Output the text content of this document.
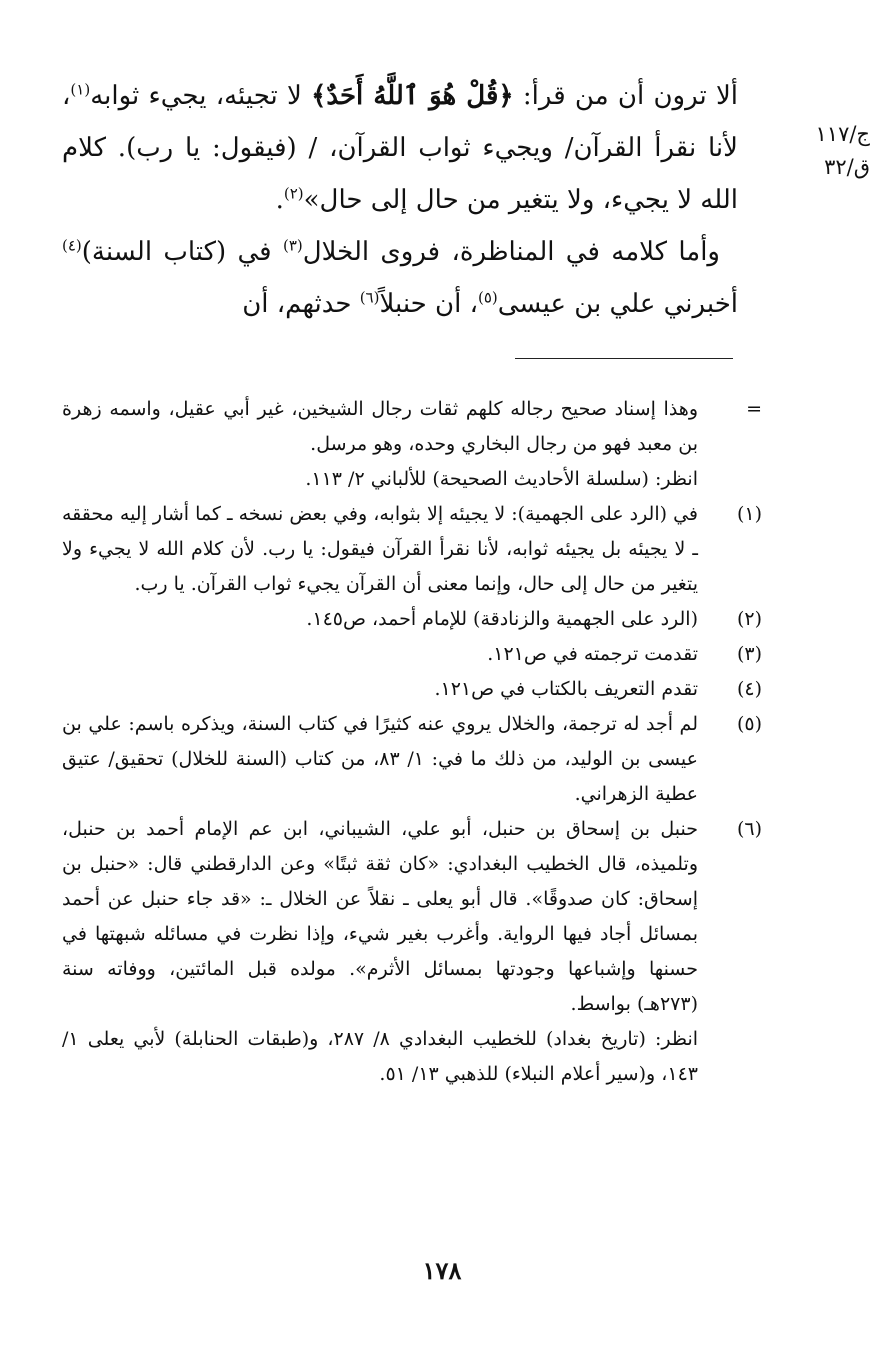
ج/١١٧
ق/٣٢

ألا ترون أن من قرأ: ﴿قُلْ هُوَ ٱللَّهُ أَحَدٌ﴾ لا تجيئه، يجيء ثوابه$^{(١)}$، لأنا نقرأ القرآن/ ويجيء ثواب القرآن، / (فيقول: يا رب). كلام الله لا يجيء، ولا يتغير من حال إلى حال»$^{(٢)}$.

وأما كلامه في المناظرة، فروى الخلال$^{(٣)}$ في (كتاب السنة)$^{(٤)}$ أخبرني علي بن عيسى$^{(٥)}$، أن حنبلاً$^{(٦)}$ حدثهم، أن

=
وهذا إسناد صحيح رجاله كلهم ثقات رجال الشيخين، غير أبي عقيل، واسمه زهرة بن معبد فهو من رجال البخاري وحده، وهو مرسل.
انظر: (سلسلة الأحاديث الصحيحة) للألباني ٢/ ١١٣.
(١)
في (الرد على الجهمية): لا يجيئه إلا بثوابه، وفي بعض نسخه ـ كما أشار إليه محققه ـ لا يجيئه بل يجيئه ثوابه، لأنا نقرأ القرآن فيقول: يا رب. لأن كلام الله لا يجيء ولا يتغير من حال إلى حال، وإنما معنى أن القرآن يجيء ثواب القرآن. يا رب.
(٢)
(الرد على الجهمية والزنادقة) للإمام أحمد، ص١٤٥.
(٣)
تقدمت ترجمته في ص١٢١.
(٤)
تقدم التعريف بالكتاب في ص١٢١.
(٥)
لم أجد له ترجمة، والخلال يروي عنه كثيرًا في كتاب السنة، ويذكره باسم: علي بن عيسى بن الوليد، من ذلك ما في: ١/ ٨٣، من كتاب (السنة للخلال) تحقيق/ عتيق عطية الزهراني.
(٦)
حنبل بن إسحاق بن حنبل، أبو علي، الشيباني، ابن عم الإمام أحمد بن حنبل، وتلميذه، قال الخطيب البغدادي: «كان ثقة ثبتًا» وعن الدارقطني قال: «حنبل بن إسحاق: كان صدوقًا». قال أبو يعلى ـ نقلاً عن الخلال ـ: «قد جاء حنبل عن أحمد بمسائل أجاد فيها الرواية. وأغرب بغير شيء، وإذا نظرت في مسائله شبهتها في حسنها وإشباعها وجودتها بمسائل الأثرم». مولده قبل المائتين، ووفاته سنة (٢٧٣هـ) بواسط.
انظر: (تاريخ بغداد) للخطيب البغدادي ٨/ ٢٨٧، و(طبقات الحنابلة) لأبي يعلى ١/ ١٤٣، و(سير أعلام النبلاء) للذهبي ١٣/ ٥١.
١٧٨
